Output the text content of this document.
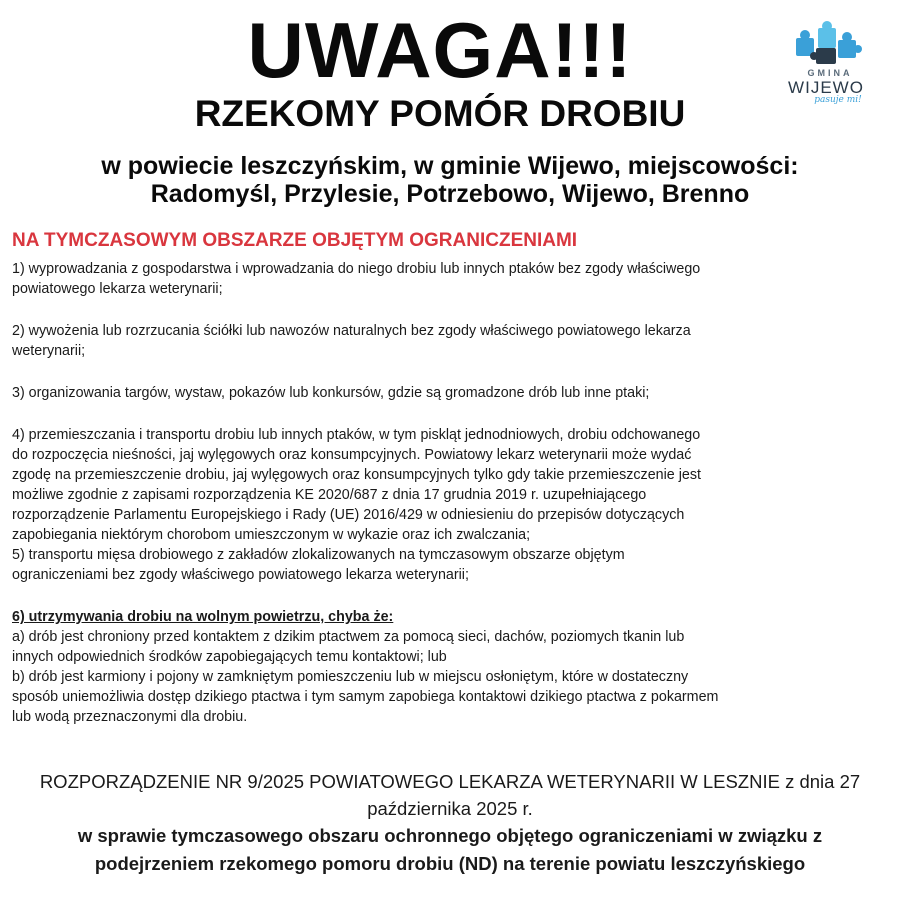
UWAGA!!!
RZEKOMY POMÓR DROBIU
w powiecie leszczyńskim, w gminie Wijewo, miejscowości:
Radomyśl, Przylesie, Potrzebowo, Wijewo, Brenno
GMINA
WIJEWO
pasuje mi!
NA TYMCZASOWYM OBSZARZE OBJĘTYM OGRANICZENIAMI

1) wyprowadzania z gospodarstwa i wprowadzania do niego drobiu lub innych ptaków bez zgody właściwego

powiatowego lekarza weterynarii;

2) wywożenia lub rozrzucania ściółki lub nawozów naturalnych bez zgody właściwego powiatowego lekarza

weterynarii;

3) organizowania targów, wystaw, pokazów lub konkursów, gdzie są gromadzone drób lub inne ptaki;

4) przemieszczania i transportu drobiu lub innych ptaków, w tym piskląt jednodniowych, drobiu odchowanego

do rozpoczęcia nieśności, jaj wylęgowych oraz konsumpcyjnych. Powiatowy lekarz weterynarii może wydać

zgodę na przemieszczenie drobiu, jaj wylęgowych oraz konsumpcyjnych tylko gdy takie przemieszczenie jest

możliwe zgodnie z zapisami rozporządzenia KE 2020/687 z dnia 17 grudnia 2019 r. uzupełniającego

rozporządzenie Parlamentu Europejskiego i Rady (UE) 2016/429 w odniesieniu do przepisów dotyczących

zapobiegania niektórym chorobom umieszczonym w wykazie oraz ich zwalczania;

5) transportu mięsa drobiowego z zakładów zlokalizowanych na tymczasowym obszarze objętym

ograniczeniami bez zgody właściwego powiatowego lekarza weterynarii;

6) utrzymywania drobiu na wolnym powietrzu, chyba że:

a) drób jest chroniony przed kontaktem z dzikim ptactwem za pomocą sieci, dachów, poziomych tkanin lub

innych odpowiednich środków zapobiegających temu kontaktowi; lub

b) drób jest karmiony i pojony w zamkniętym pomieszczeniu lub w miejscu osłoniętym, które w dostateczny

sposób uniemożliwia dostęp dzikiego ptactwa i tym samym zapobiega kontaktowi dzikiego ptactwa z pokarmem

lub wodą przeznaczonymi dla drobiu.

ROZPORZĄDZENIE NR 9/2025 POWIATOWEGO LEKARZA WETERYNARII W LESZNIE z dnia 27
października 2025 r.
w sprawie tymczasowego obszaru ochronnego objętego ograniczeniami w związku z
podejrzeniem rzekomego pomoru drobiu (ND) na terenie powiatu leszczyńskiego
